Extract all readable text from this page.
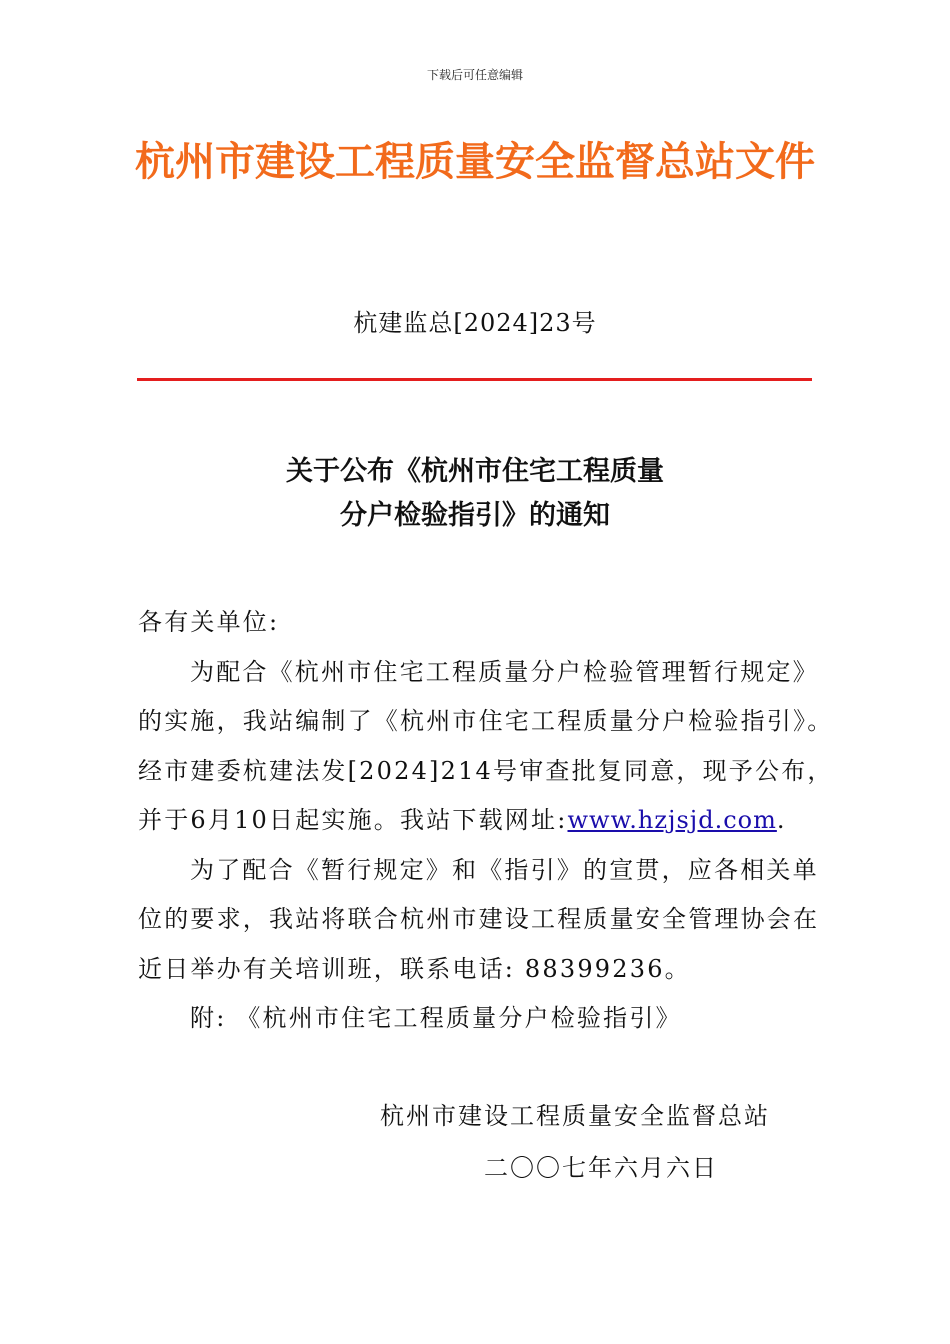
下载后可任意编辑
杭州市建设工程质量安全监督总站文件
杭建监总[2024]23号
关于公布《杭州市住宅工程质量
分户检验指引》的通知

各有关单位:

为配合《杭州市住宅工程质量分户检验管理暂行规定》的实施，我站编制了《杭州市住宅工程质量分户检验指引》。经市建委杭建法发[2024]214号审查批复同意，现予公布，并于6月10日起实施。我站下载网址:www.hzjsjd.com.

为了配合《暂行规定》和《指引》的宣贯，应各相关单位的要求，我站将联合杭州市建设工程质量安全管理协会在近日举办有关培训班，联系电话: 88399236。

附: 《杭州市住宅工程质量分户检验指引》

杭州市建设工程质量安全监督总站
二〇〇七年六月六日
